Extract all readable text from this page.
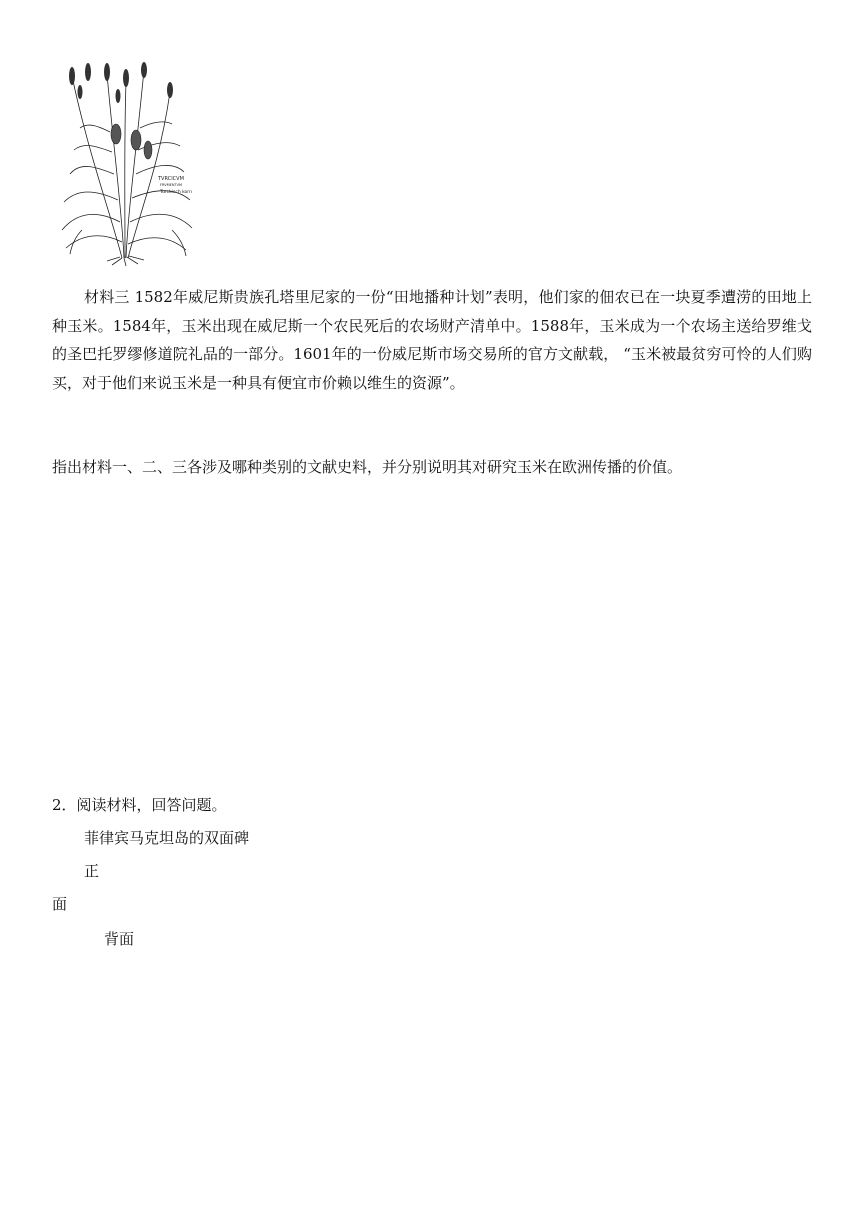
TVRCICVM
FRVMENTVM
Turckisch korn

材料三 1582年威尼斯贵族孔塔里尼家的一份“田地播种计划”表明，他们家的佃农已在一块夏季遭涝的田地上种玉米。1584年，玉米出现在威尼斯一个农民死后的农场财产清单中。1588年，玉米成为一个农场主送给罗维戈的圣巴托罗缪修道院礼品的一部分。1601年的一份威尼斯市场交易所的官方文献载， “玉米被最贫穷可怜的人们购买，对于他们来说玉米是一种具有便宜市价赖以维生的资源”。

指出材料一、二、三各涉及哪种类别的文献史料，并分别说明其对研究玉米在欧洲传播的价值。

2．阅读材料，回答问题。

菲律宾马克坦岛的双面碑

正

面

背面
